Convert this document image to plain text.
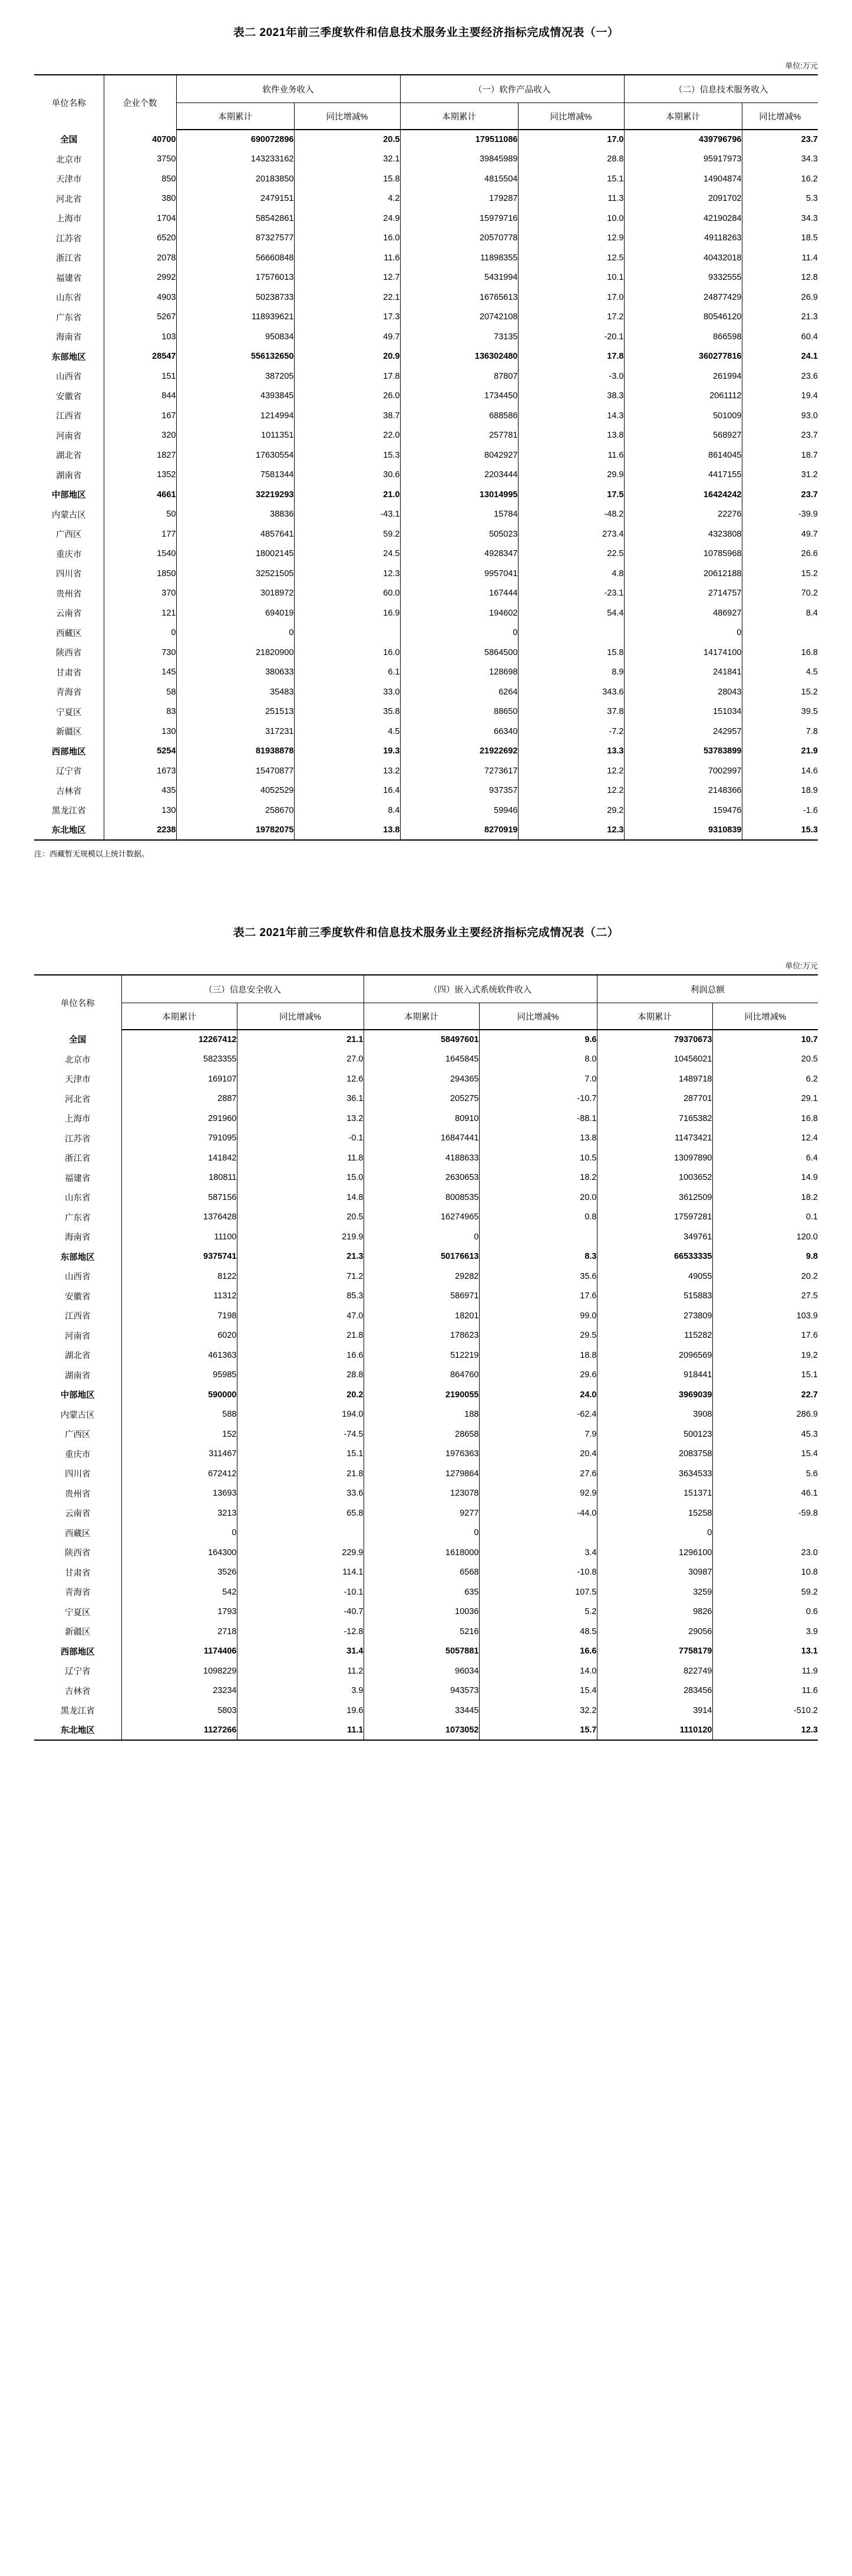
表二 2021年前三季度软件和信息技术服务业主要经济指标完成情况表（一）
单位:万元
单位名称	企业个数	软件业务收入		（一）软件产品收入		（二）信息技术服务收入	
		本期累计	同比增减%	本期累计	同比增减%	本期累计	同比增减%
全国	40700	690072896	20.5	179511086	17.0	439796796	23.7
北京市	3750	143233162	32.1	39845989	28.8	95917973	34.3
天津市	850	20183850	15.8	4815504	15.1	14904874	16.2
河北省	380	2479151	4.2	179287	11.3	2091702	5.3
上海市	1704	58542861	24.9	15979716	10.0	42190284	34.3
江苏省	6520	87327577	16.0	20570778	12.9	49118263	18.5
浙江省	2078	56660848	11.6	11898355	12.5	40432018	11.4
福建省	2992	17576013	12.7	5431994	10.1	9332555	12.8
山东省	4903	50238733	22.1	16765613	17.0	24877429	26.9
广东省	5267	118939621	17.3	20742108	17.2	80546120	21.3
海南省	103	950834	49.7	73135	-20.1	866598	60.4
东部地区	28547	556132650	20.9	136302480	17.8	360277816	24.1
山西省	151	387205	17.8	87807	-3.0	261994	23.6
安徽省	844	4393845	26.0	1734450	38.3	2061112	19.4
江西省	167	1214994	38.7	688586	14.3	501009	93.0
河南省	320	1011351	22.0	257781	13.8	568927	23.7
湖北省	1827	17630554	15.3	8042927	11.6	8614045	18.7
湖南省	1352	7581344	30.6	2203444	29.9	4417155	31.2
中部地区	4661	32219293	21.0	13014995	17.5	16424242	23.7
内蒙古区	50	38836	-43.1	15784	-48.2	22276	-39.9
广西区	177	4857641	59.2	505023	273.4	4323808	49.7
重庆市	1540	18002145	24.5	4928347	22.5	10785968	26.6
四川省	1850	32521505	12.3	9957041	4.8	20612188	15.2
贵州省	370	3018972	60.0	167444	-23.1	2714757	70.2
云南省	121	694019	16.9	194602	54.4	486927	8.4
西藏区	0	0		0		0	
陕西省	730	21820900	16.0	5864500	15.8	14174100	16.8
甘肃省	145	380633	6.1	128698	8.9	241841	4.5
青海省	58	35483	33.0	6264	343.6	28043	15.2
宁夏区	83	251513	35.8	88650	37.8	151034	39.5
新疆区	130	317231	4.5	66340	-7.2	242957	7.8
西部地区	5254	81938878	19.3	21922692	13.3	53783899	21.9
辽宁省	1673	15470877	13.2	7273617	12.2	7002997	14.6
吉林省	435	4052529	16.4	937357	12.2	2148366	18.9
黑龙江省	130	258670	8.4	59946	29.2	159476	-1.6
东北地区	2238	19782075	13.8	8270919	12.3	9310839	15.3
注：西藏暂无规模以上统计数据。
表二 2021年前三季度软件和信息技术服务业主要经济指标完成情况表（二）
单位:万元
单位名称	（三）信息安全收入		（四）嵌入式系统软件收入		利润总额	
	本期累计	同比增减%	本期累计	同比增减%	本期累计	同比增减%
全国	12267412	21.1	58497601	9.6	79370673	10.7
北京市	5823355	27.0	1645845	8.0	10456021	20.5
天津市	169107	12.6	294365	7.0	1489718	6.2
河北省	2887	36.1	205275	-10.7	287701	29.1
上海市	291960	13.2	80910	-88.1	7165382	16.8
江苏省	791095	-0.1	16847441	13.8	11473421	12.4
浙江省	141842	11.8	4188633	10.5	13097890	6.4
福建省	180811	15.0	2630653	18.2	1003652	14.9
山东省	587156	14.8	8008535	20.0	3612509	18.2
广东省	1376428	20.5	16274965	0.8	17597281	0.1
海南省	11100	219.9	0		349761	120.0
东部地区	9375741	21.3	50176613	8.3	66533335	9.8
山西省	8122	71.2	29282	35.6	49055	20.2
安徽省	11312	85.3	586971	17.6	515883	27.5
江西省	7198	47.0	18201	99.0	273809	103.9
河南省	6020	21.8	178623	29.5	115282	17.6
湖北省	461363	16.6	512219	18.8	2096569	19.2
湖南省	95985	28.8	864760	29.6	918441	15.1
中部地区	590000	20.2	2190055	24.0	3969039	22.7
内蒙古区	588	194.0	188	-62.4	3908	286.9
广西区	152	-74.5	28658	7.9	500123	45.3
重庆市	311467	15.1	1976363	20.4	2083758	15.4
四川省	672412	21.8	1279864	27.6	3634533	5.6
贵州省	13693	33.6	123078	92.9	151371	46.1
云南省	3213	65.8	9277	-44.0	15258	-59.8
西藏区	0		0		0	
陕西省	164300	229.9	1618000	3.4	1296100	23.0
甘肃省	3526	114.1	6568	-10.8	30987	10.8
青海省	542	-10.1	635	107.5	3259	59.2
宁夏区	1793	-40.7	10036	5.2	9826	0.6
新疆区	2718	-12.8	5216	48.5	29056	3.9
西部地区	1174406	31.4	5057881	16.6	7758179	13.1
辽宁省	1098229	11.2	96034	14.0	822749	11.9
吉林省	23234	3.9	943573	15.4	283456	11.6
黑龙江省	5803	19.6	33445	32.2	3914	-510.2
东北地区	1127266	11.1	1073052	15.7	1110120	12.3
